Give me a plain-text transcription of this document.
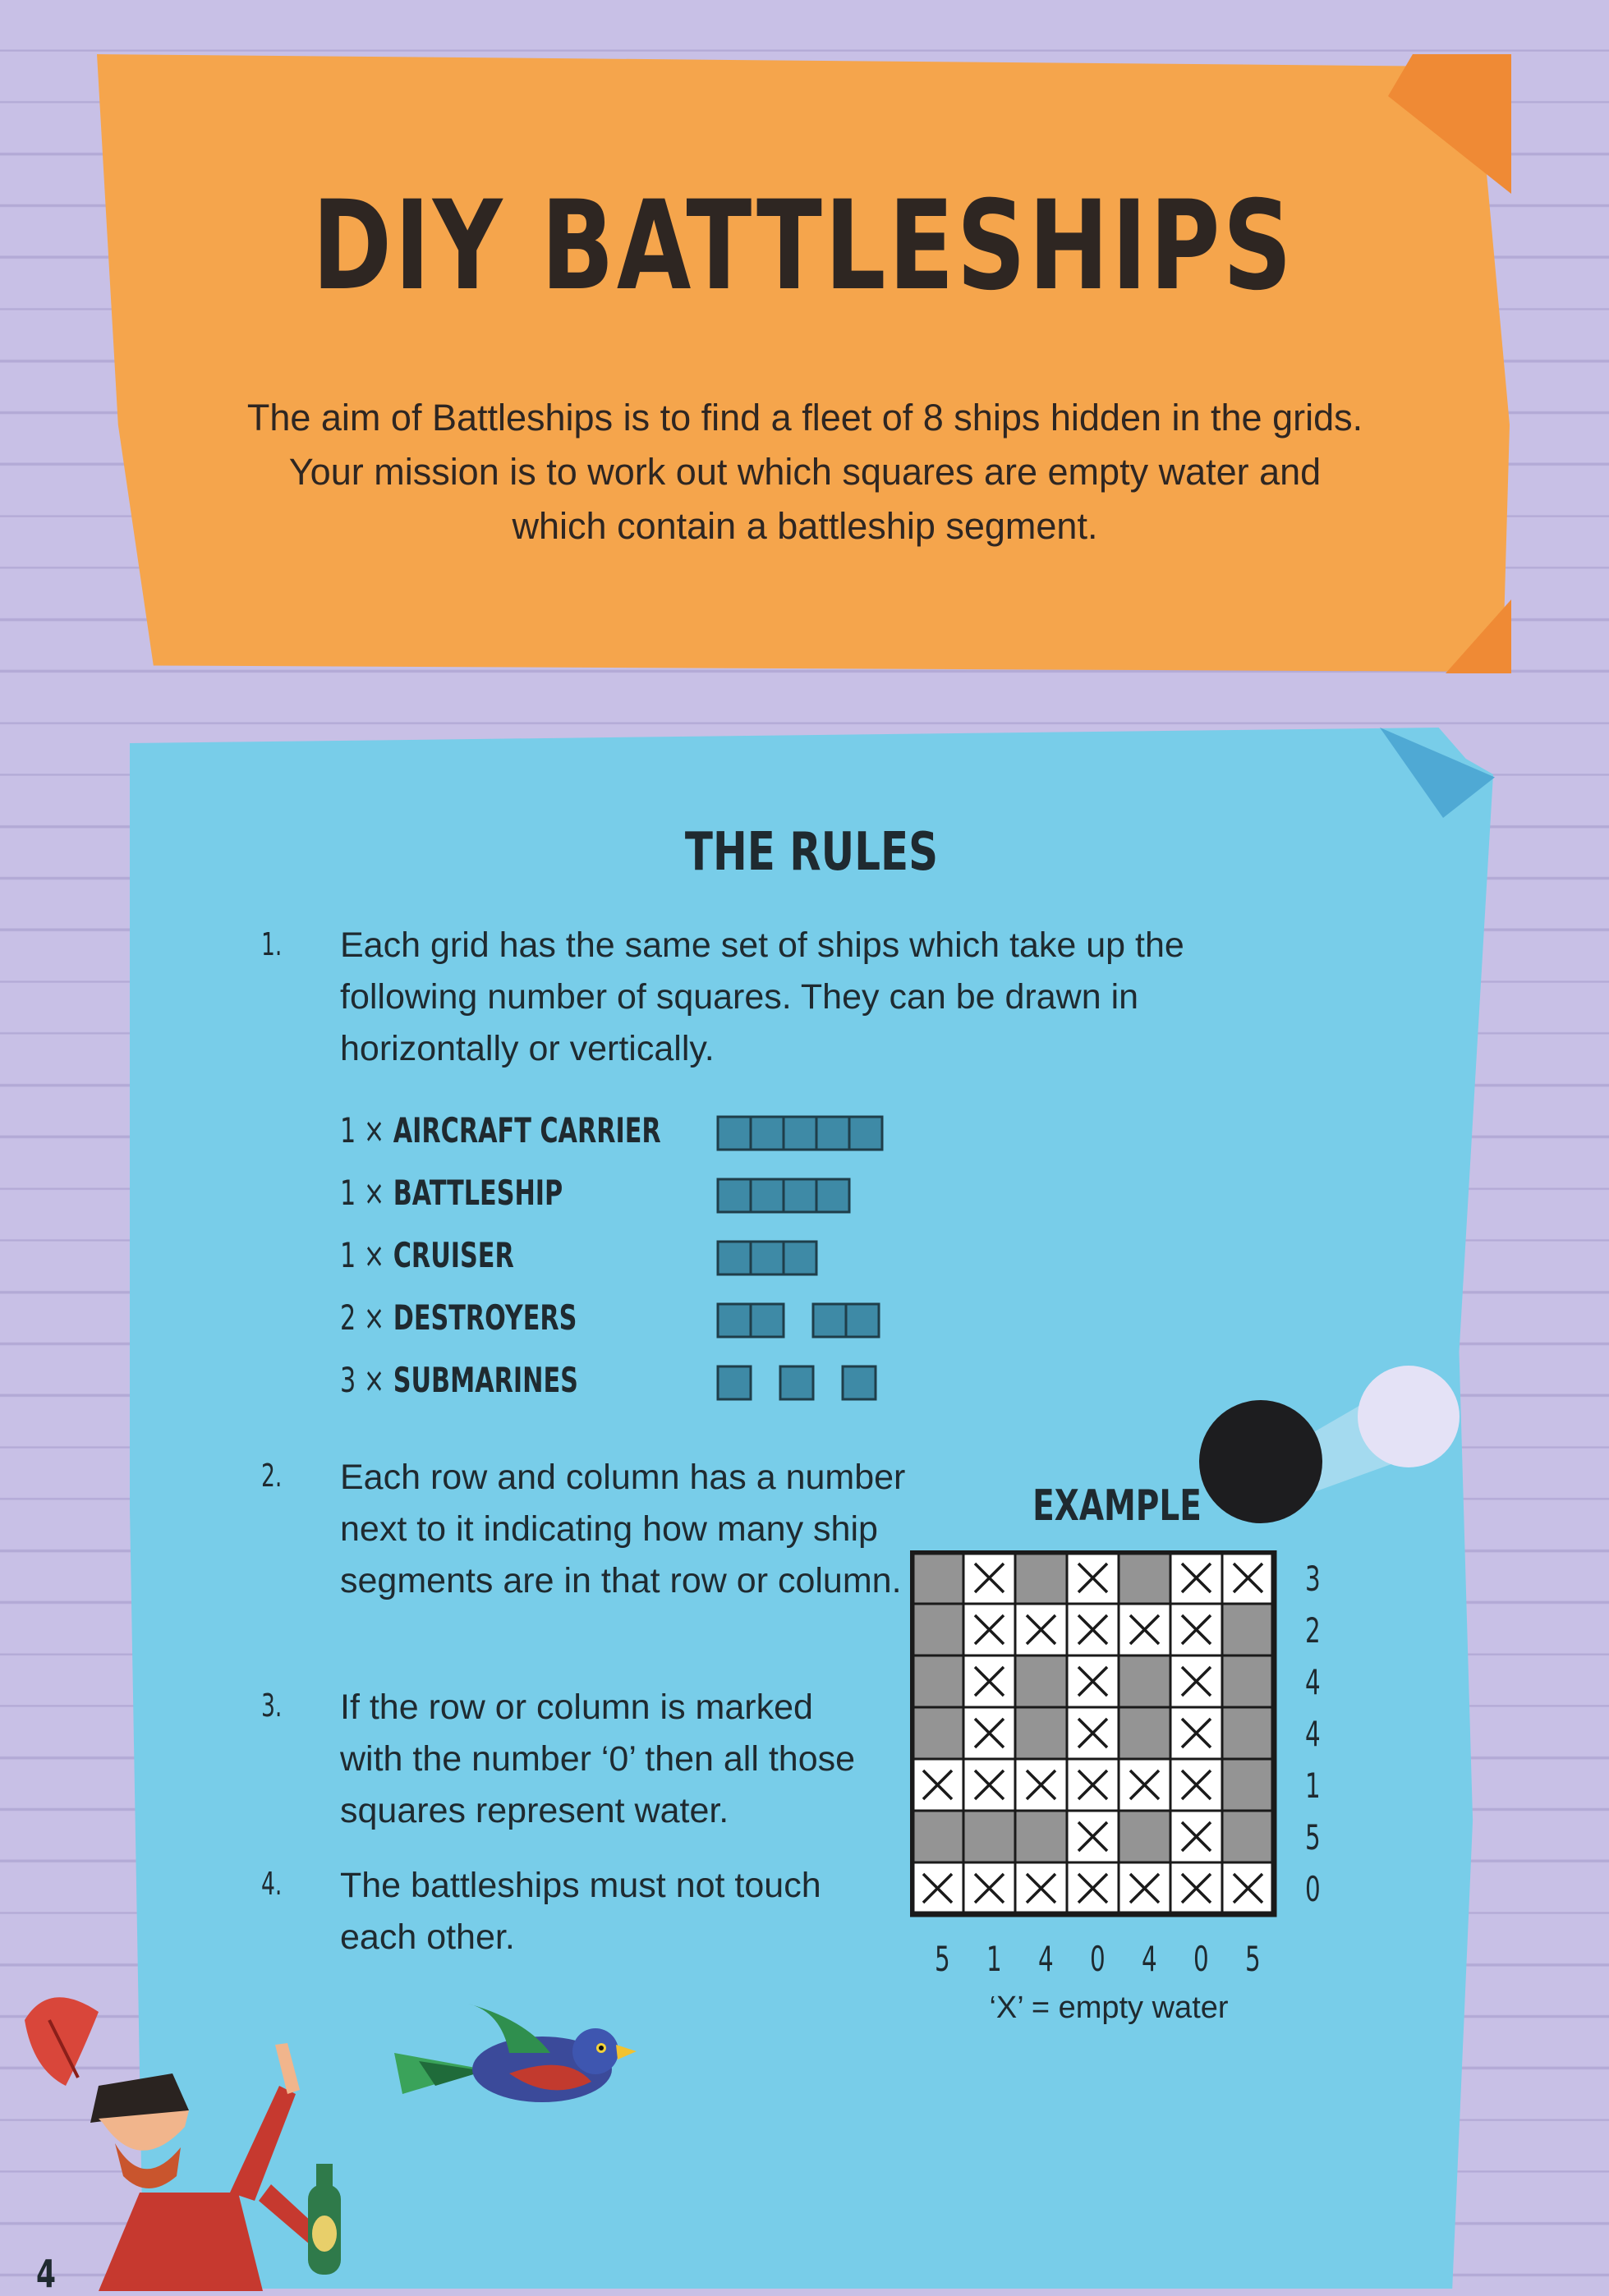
DIY BATTLESHIPS
The aim of Battleships is to find a fleet of 8 ships hidden in the grids. Your mission is to work out which squares are empty water and which contain a battleship segment.
THE RULES
1. Each grid has the same set of ships which take up the following number of squares. They can be drawn in horizontally or vertically.
1 × AIRCRAFT CARRIER
1 × BATTLESHIP
1 × CRUISER
2 × DESTROYERS
3 × SUBMARINES
2. Each row and column has a number next to it indicating how many ship segments are in that row or column.
3. If the row or column is marked with the number ‘0’ then all those squares represent water.
4. The battleships must not touch each other.
EXAMPLE
3
2
4
4
1
5
0
5 1 4 0 4 0 5
‘X’ = empty water
4
